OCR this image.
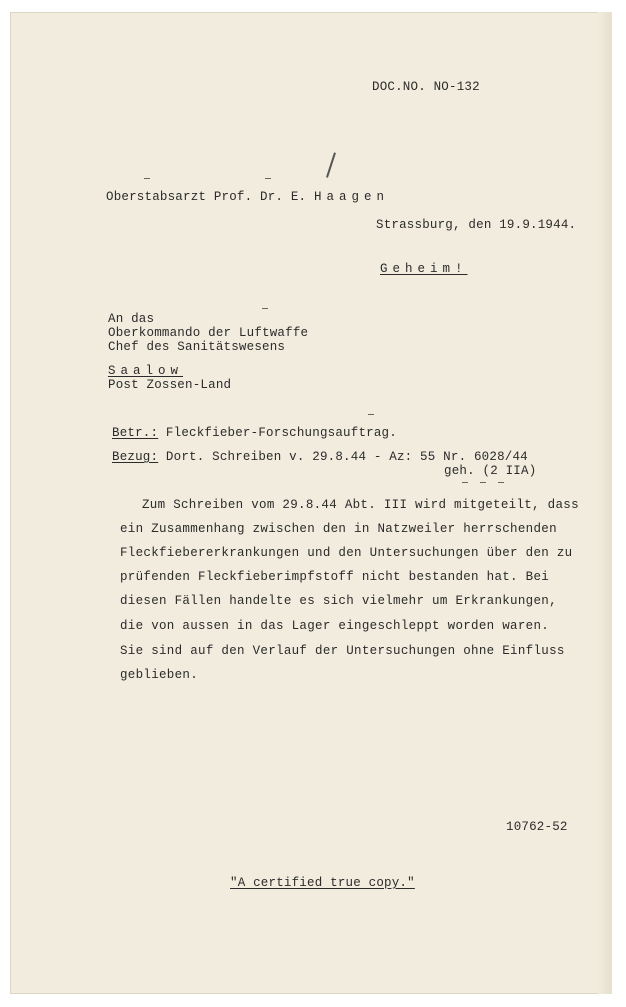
DOC.NO. NO-132
Oberstabsarzt Prof. Dr. E. Haagen
Strassburg, den 19.9.1944.
Geheim!
An das
Oberkommando der Luftwaffe
Chef des Sanitätswesens
Saalow
Post Zossen-Land
Betr.: Fleckfieber-Forschungsauftrag.
Bezug: Dort. Schreiben v. 29.8.44 - Az: 55 Nr. 6028/44
geh. (2 IIA)
Zum Schreiben vom 29.8.44 Abt. III wird mitgeteilt, dass
ein Zusammenhang zwischen den in Natzweiler herrschenden
Fleckfiebererkrankungen und den Untersuchungen über den zu
prüfenden Fleckfieberimpfstoff nicht bestanden hat. Bei
diesen Fällen handelte es sich vielmehr um Erkrankungen,
die von aussen in das Lager eingeschleppt worden waren.
Sie sind auf den Verlauf der Untersuchungen ohne Einfluss
geblieben.
10762-52
"A certified true copy."
